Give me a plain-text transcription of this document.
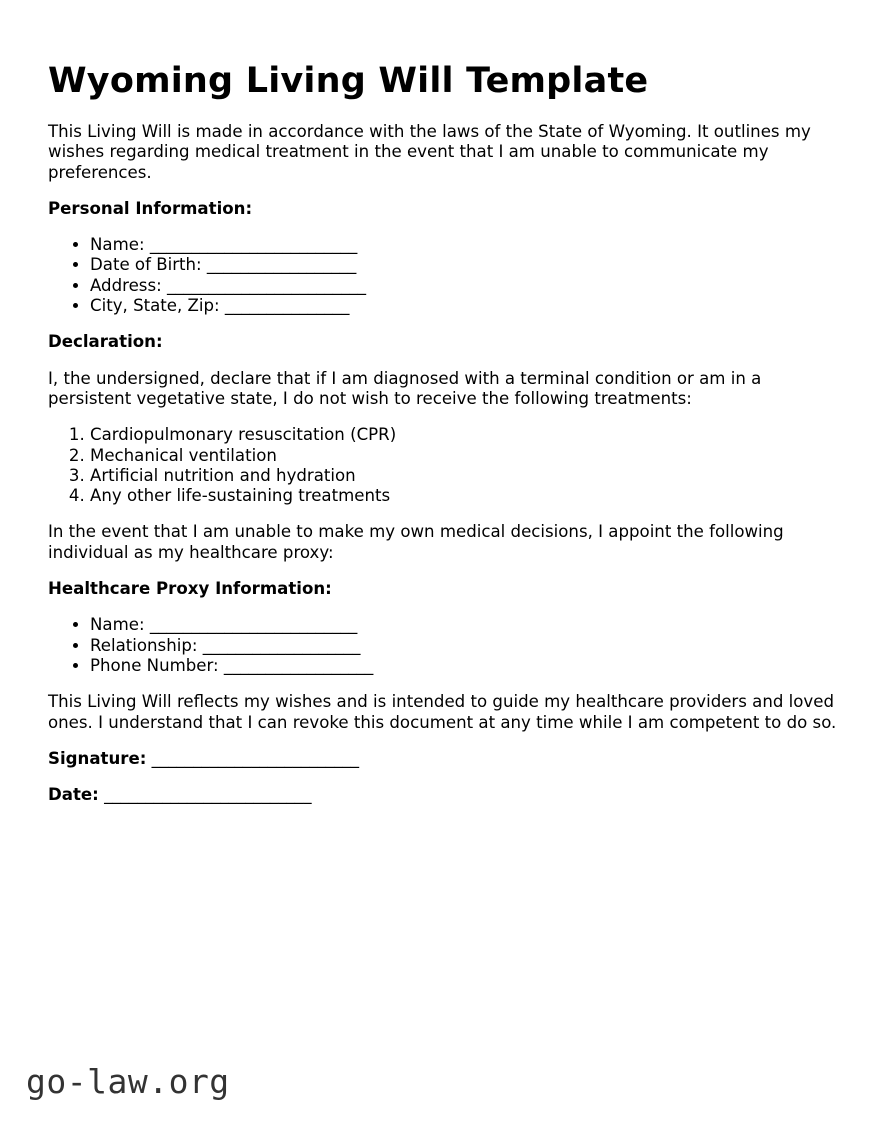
Wyoming Living Will Template

This Living Will is made in accordance with the laws of the State of Wyoming. It outlines my wishes regarding medical treatment in the event that I am unable to communicate my preferences.

Personal Information:
• Name: _________________________
• Date of Birth: __________________
• Address: ________________________
• City, State, Zip: _______________
Declaration:

I, the undersigned, declare that if I am diagnosed with a terminal condition or am in a persistent vegetative state, I do not wish to receive the following treatments:

1. Cardiopulmonary resuscitation (CPR)
2. Mechanical ventilation
3. Artificial nutrition and hydration
4. Any other life-sustaining treatments

In the event that I am unable to make my own medical decisions, I appoint the following individual as my healthcare proxy:

Healthcare Proxy Information:
• Name: _________________________
• Relationship: ___________________
• Phone Number: __________________

This Living Will reflects my wishes and is intended to guide my healthcare providers and loved ones. I understand that I can revoke this document at any time while I am competent to do so.

Signature: _________________________

Date: _________________________

go-law.org
